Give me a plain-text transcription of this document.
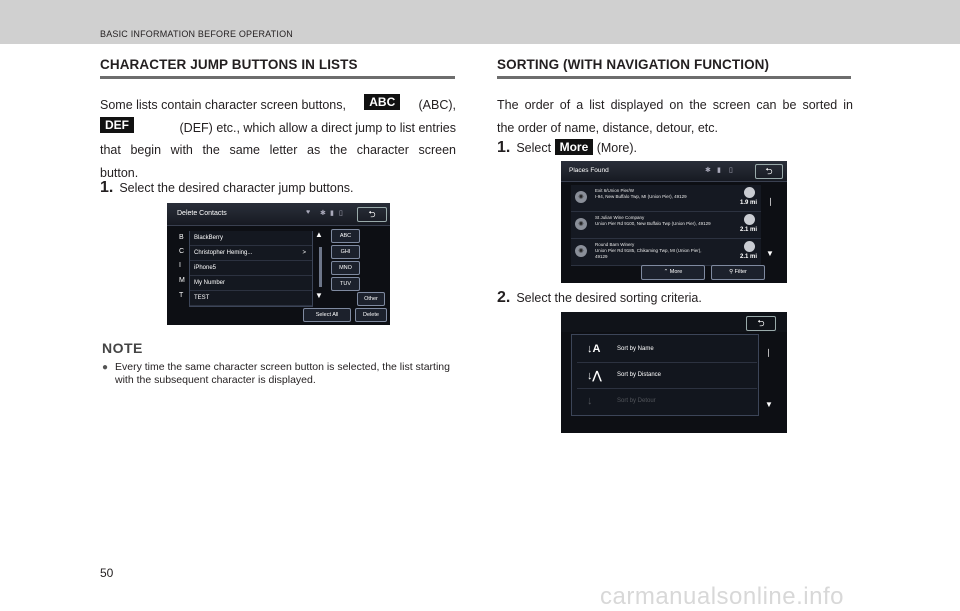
BASIC INFORMATION BEFORE OPERATION
CHARACTER JUMP BUTTONS IN LISTS
Some lists contain character screen buttons,	ABC	(ABC),
DEF	(DEF) etc., which allow a direct jump to list entries
that begin with the same letter as the character screen
button.
1. Select the desired character jump buttons.
Delete Contacts	♥ ✱ ▮ ▯	⮌
B
C
I
M
T
BlackBerry
Christopher Heming...	>
iPhone5
My Number
TEST
▲
▼
ABC
GHI
MNO
TUV
Other
Select All	Delete
NOTE
● Every time the same character screen button is selected, the list starting with the subsequent character is displayed.
SORTING (WITH NAVIGATION FUNCTION)
The order of a list displayed on the screen can be sorted in
the order of name, distance, detour, etc.
1. Select More (More).
Places Found	✱ ▮ ▯	⮌
◉
Exit 6/Union Pier/W
I-94, New Buffalo Twp, MI (Union Pier), 49129
1.9 mi
◉
St Julian Wine Company
Union Pier Rd 9100, New Buffalo Twp (Union Pier), 49129
2.1 mi
◉
Round Barn Winery
Union Pier Rd 9185, Chikaming Twp, MI (Union Pier), 49129	2.1 mi
❘
▼
⌃ More	⚲ Filter
2. Select the desired sorting criteria.
⮌
↓A	Sort by Name
↓⋀	Sort by Distance
↓	Sort by Detour
❘
▼
50
carmanualsonline.info
